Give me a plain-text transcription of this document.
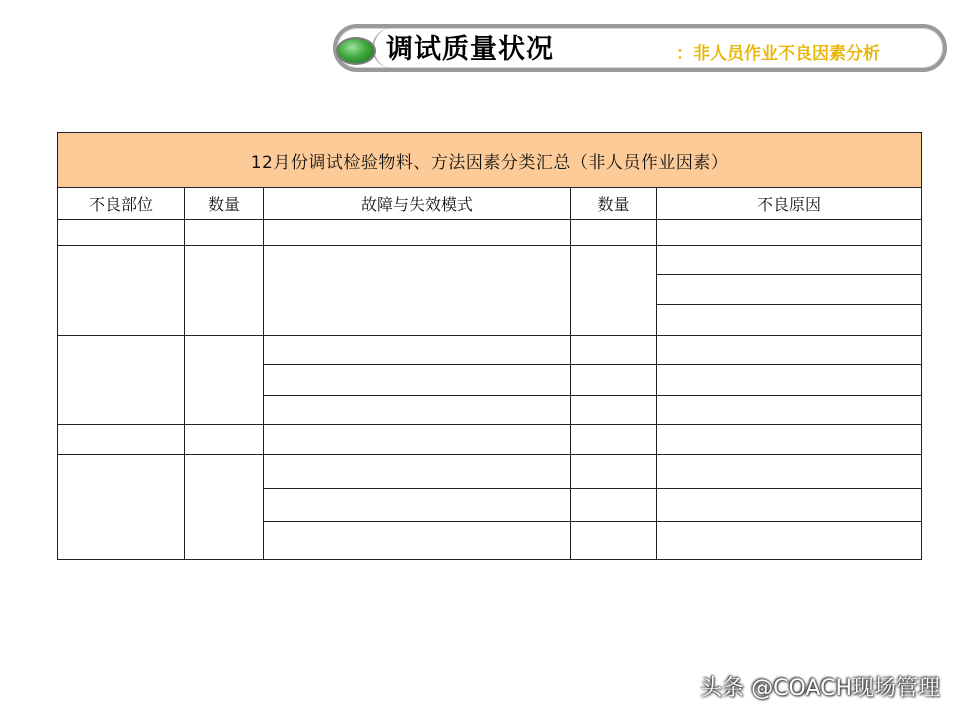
调试质量状况	：非人员作业不良因素分析
12月份调试检验物料、方法因素分类汇总（非人员作业因素）				
不良部位	数量	故障与失效模式	数量	不良原因

头条 @COACH现场管理
